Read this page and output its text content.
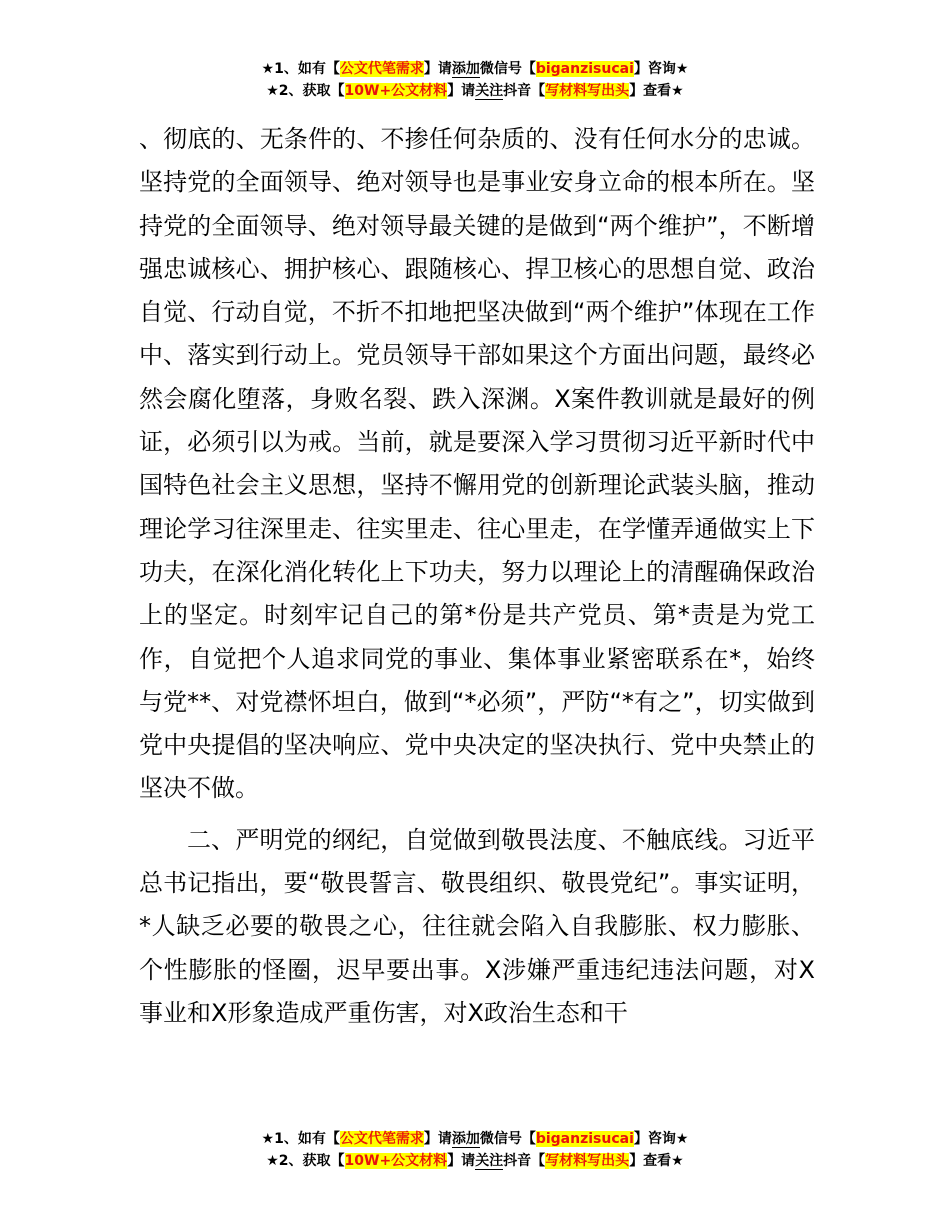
★1、如有【公文代笔需求】请添加微信号【biganzisucai】咨询★
★2、获取【10W+公文材料】请关注抖音【写材料写出头】查看★

、彻底的、无条件的、不掺任何杂质的、没有任何水分的忠诚。坚持党的全面领导、绝对领导也是事业安身立命的根本所在。坚持党的全面领导、绝对领导最关键的是做到“两个维护”，不断增强忠诚核心、拥护核心、跟随核心、捍卫核心的思想自觉、政治自觉、行动自觉，不折不扣地把坚决做到“两个维护”体现在工作中、落实到行动上。党员领导干部如果这个方面出问题，最终必然会腐化堕落，身败名裂、跌入深渊。X案件教训就是最好的例证，必须引以为戒。当前，就是要深入学习贯彻习近平新时代中国特色社会主义思想，坚持不懈用党的创新理论武装头脑，推动理论学习往深里走、往实里走、往心里走，在学懂弄通做实上下功夫，在深化消化转化上下功夫，努力以理论上的清醒确保政治上的坚定。时刻牢记自己的第*份是共产党员、第*责是为党工作，自觉把个人追求同党的事业、集体事业紧密联系在*，始终与党**、对党襟怀坦白，做到“*必须”，严防“*有之”，切实做到党中央提倡的坚决响应、党中央决定的坚决执行、党中央禁止的坚决不做。

二、严明党的纲纪，自觉做到敬畏法度、不触底线。习近平总书记指出，要“敬畏誓言、敬畏组织、敬畏党纪”。事实证明，*人缺乏必要的敬畏之心，往往就会陷入自我膨胀、权力膨胀、个性膨胀的怪圈，迟早要出事。X涉嫌严重违纪违法问题，对X事业和X形象造成严重伤害，对X政治生态和干

★1、如有【公文代笔需求】请添加微信号【biganzisucai】咨询★
★2、获取【10W+公文材料】请关注抖音【写材料写出头】查看★
